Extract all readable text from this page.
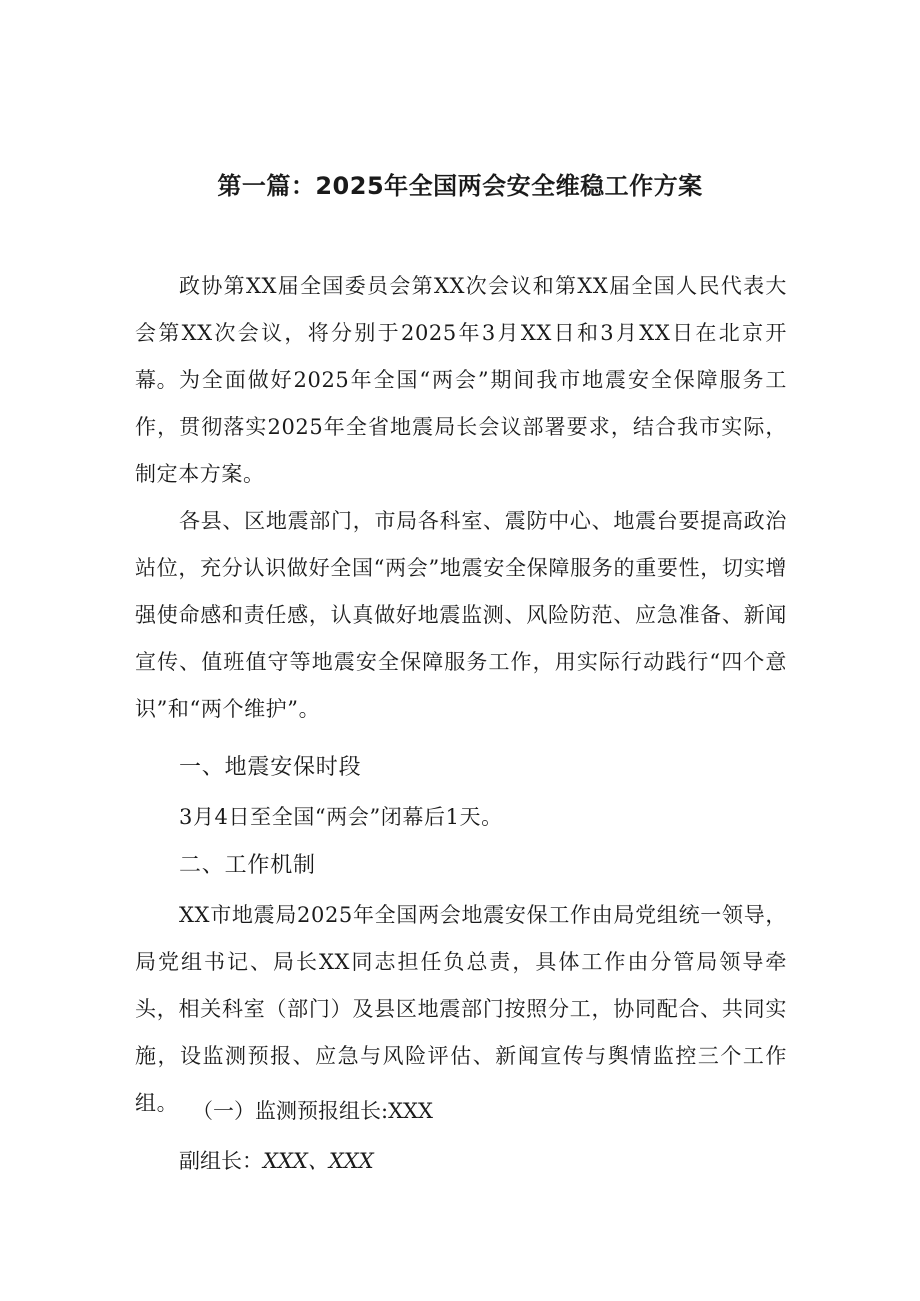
第一篇：2025年全国两会安全维稳工作方案

政协第XX届全国委员会第XX次会议和第XX届全国人民代表大会第XX次会议，将分别于2025年3月XX日和3月XX日在北京开幕。 为全面做好2025年全国“两会”期间我市地震安全保障服务工作，贯彻落实2025年全省地震局长会议部署要求，结合我市实际，制定本方案。

各县、区地震部门，市局各科室、震防中心、地震台要提高政治站位，充分认识做好全国“两会”地震安全保障服务的重要性，切实增强使命感和责任感，认真做好地震监测、风险防范、应急准备、新闻宣传、值班值守等地震安全保障服务工作，用实际行动践行“四个意识”和“两个维护”。

一、地震安保时段

3月4日至全国“两会”闭幕后1天。

二、工作机制

XX市地震局2025年全国两会地震安保工作由局党组统一领导，局党组书记、局长XX同志担任负总责，具体工作由分管局领导牵头，相关科室（部门）及县区地震部门按照分工，协同配合、共同实施，设监测预报、应急与风险评估、新闻宣传与舆情监控三个工作组。 （一）监测预报组长:XXX

副组长：XXX、XXX
